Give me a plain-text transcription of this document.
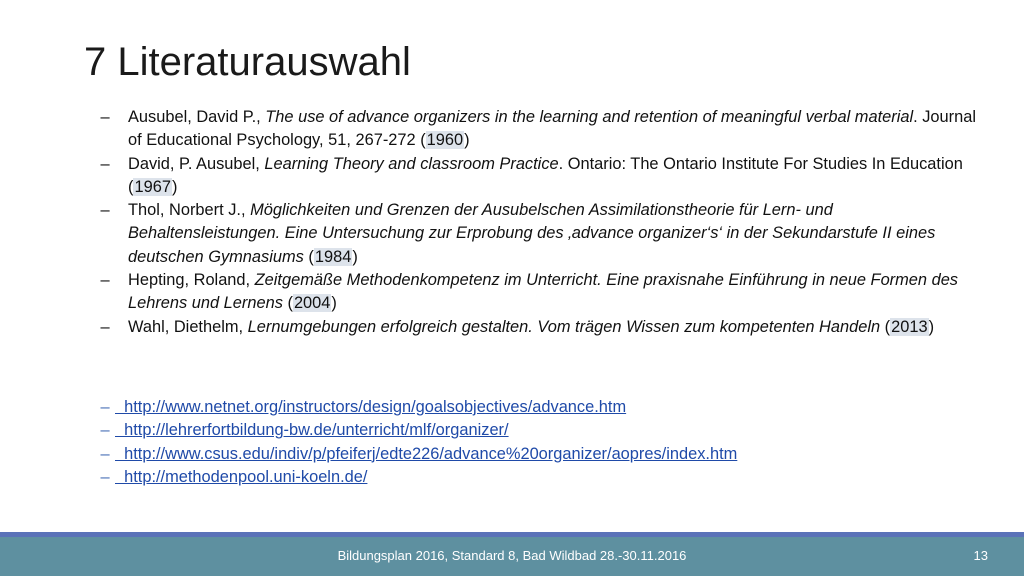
7 Literaturauswahl

– Ausubel, David P., The use of advance organizers in the learning and retention of meaningful verbal material. Journal of Educational Psychology, 51, 267-272 (1960)

– David, P. Ausubel, Learning Theory and classroom Practice. Ontario: The Ontario Institute For Studies In Education (1967)

– Thol, Norbert J., Möglichkeiten und Grenzen der Ausubelschen Assimilationstheorie für Lern- und Behaltensleistungen. Eine Untersuchung zur Erprobung des ‚advance organizer‘s‘ in der Sekundarstufe II eines deutschen Gymnasiums (1984)

– Hepting, Roland, Zeitgemäße Methodenkompetenz im Unterricht. Eine praxisnahe Einführung in neue Formen des Lehrens und Lernens (2004)

– Wahl, Diethelm, Lernumgebungen erfolgreich gestalten. Vom trägen Wissen zum kompetenten Handeln (2013)

– http://www.netnet.org/instructors/design/goalsobjectives/advance.htm
– http://lehrerfortbildung-bw.de/unterricht/mlf/organizer/
– http://www.csus.edu/indiv/p/pfeiferj/edte226/advance%20organizer/aopres/index.htm
– http://methodenpool.uni-koeln.de/
Bildungsplan 2016, Standard 8, Bad Wildbad 28.-30.11.2016	13
